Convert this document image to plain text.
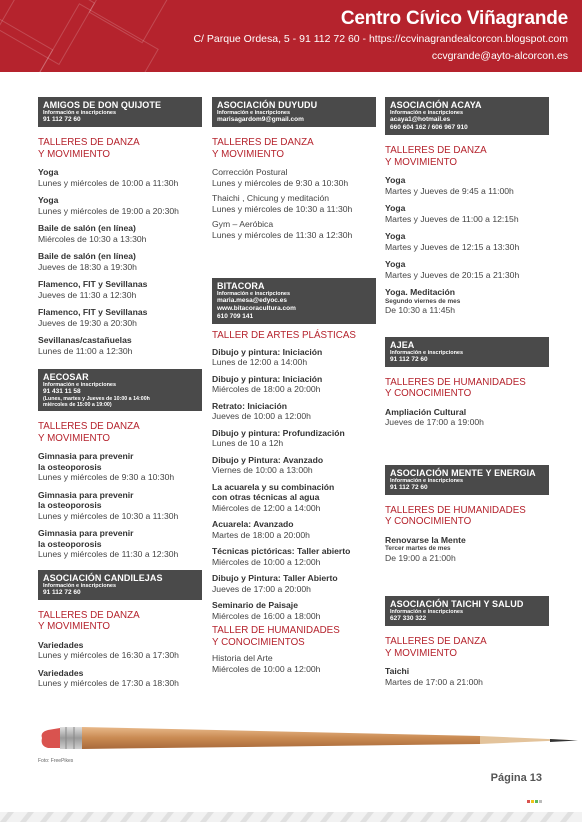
Centro Cívico Viñagrande
C/ Parque Ordesa, 5 - 91 112 72 60 - https://ccvinagrandealcorcon.blogspot.com
ccvgrande@ayto-alcorcon.es
AMIGOS DE DON QUIJOTE
Información e inscripciones
91 112 72 60
TALLERES DE DANZA
Y MOVIMIENTO
Yoga
Lunes y miércoles de 10:00 a 11:30h
Yoga
Lunes y miércoles de 19:00 a 20:30h
Baile de salón (en línea)
Miércoles de 10:30 a 13:30h
Baile de salón (en línea)
Jueves de 18:30 a 19:30h
Flamenco, FIT y Sevillanas
Jueves de 11:30 a 12:30h
Flamenco, FIT y Sevillanas
Jueves de 19:30 a 20:30h
Sevillanas/castañuelas
Lunes de 11:00 a 12:30h
AECOSAR
Información e inscripciones
91 431 11 58
(Lunes, martes y Jueves de 10:00 a 14:00h
miércoles de 15:00 a 19:00)
TALLERES DE DANZA
Y MOVIMIENTO
Gimnasia para prevenir
la osteoporosis
Lunes y miércoles de 9:30 a 10:30h
Gimnasia para prevenir
la osteoporosis
Lunes y miércoles de 10:30 a 11:30h
Gimnasia para prevenir
la osteoporosis
Lunes y miércoles de 11:30 a 12:30h
ASOCIACIÓN CANDILEJAS
Información e inscripciones
91 112 72 60
TALLERES DE DANZA
Y MOVIMIENTO
Variedades
Lunes y miércoles de 16:30 a 17:30h
Variedades
Lunes y miércoles de 17:30 a 18:30h
ASOCIACIÓN DUYUDU
Información e inscripciones
marisagardom9@gmail.com
TALLERES DE DANZA
Y MOVIMIENTO
Corrección Postural
Lunes y miércoles de 9:30 a 10:30h
Thaichi , Chicung y meditación
Lunes y miércoles de 10:30 a 11:30h
Gym – Aeróbica
Lunes y miércoles de 11:30 a 12:30h
BITACORA
Información e inscripciones
maria.mesa@edyoc.es
www.bitacoracultura.com
610 709 141
TALLER DE ARTES PLÁSTICAS
Dibujo y pintura: Iniciación
Lunes de 12:00 a 14:00h
Dibujo y pintura: Iniciación
Miércoles de 18:00 a 20:00h
Retrato: Iniciación
Jueves de 10:00 a 12:00h
Dibujo y pintura: Profundización
Lunes de 10 a 12h
Dibujo y Pintura: Avanzado
Viernes de 10:00 a 13:00h
La acuarela y su combinación
con otras técnicas al agua
Miércoles de 12:00 a 14:00h
Acuarela: Avanzado
Martes de 18:00 a 20:00h
Técnicas pictóricas: Taller abierto
Miércoles de 10:00 a 12:00h
Dibujo y Pintura: Taller Abierto
Jueves de 17:00 a 20:00h
Seminario de Paisaje
Miércoles de 16:00 a 18:00h
TALLER DE HUMANIDADES
Y CONOCIMIENTOS
Historia del Arte
Miércoles de 10:00 a 12:00h
ASOCIACIÓN ACAYA
Información e inscripciones
acaya1@hotmail.es
660 604 162 / 606 967 910
TALLERES DE DANZA
Y MOVIMIENTO
Yoga
Martes y Jueves de 9:45 a 11:00h
Yoga
Martes y Jueves de 11:00 a 12:15h
Yoga
Martes y Jueves de 12:15 a 13:30h
Yoga
Martes y Jueves de 20:15 a 21:30h
Yoga. Meditación
Segundo viernes de mes
De 10:30 a 11:45h
AJEA
Información e inscripciones
91 112 72 60
TALLERES DE HUMANIDADES
Y CONOCIMIENTO
Ampliación Cultural
Jueves de 17:00 a 19:00h
ASOCIACIÓN MENTE Y ENERGIA
Información e inscripciones
91 112 72 60
TALLERES DE HUMANIDADES
Y CONOCIMIENTO
Renovarse la Mente
Tercer martes de mes
De 19:00 a 21:00h
ASOCIACIÓN TAICHI Y SALUD
Información e inscripciones
627 330 322
TALLERES DE DANZA
Y MOVIMIENTO
Taichi
Martes de 17:00 a 21:00h
Foto: FreePikes
Página 13
